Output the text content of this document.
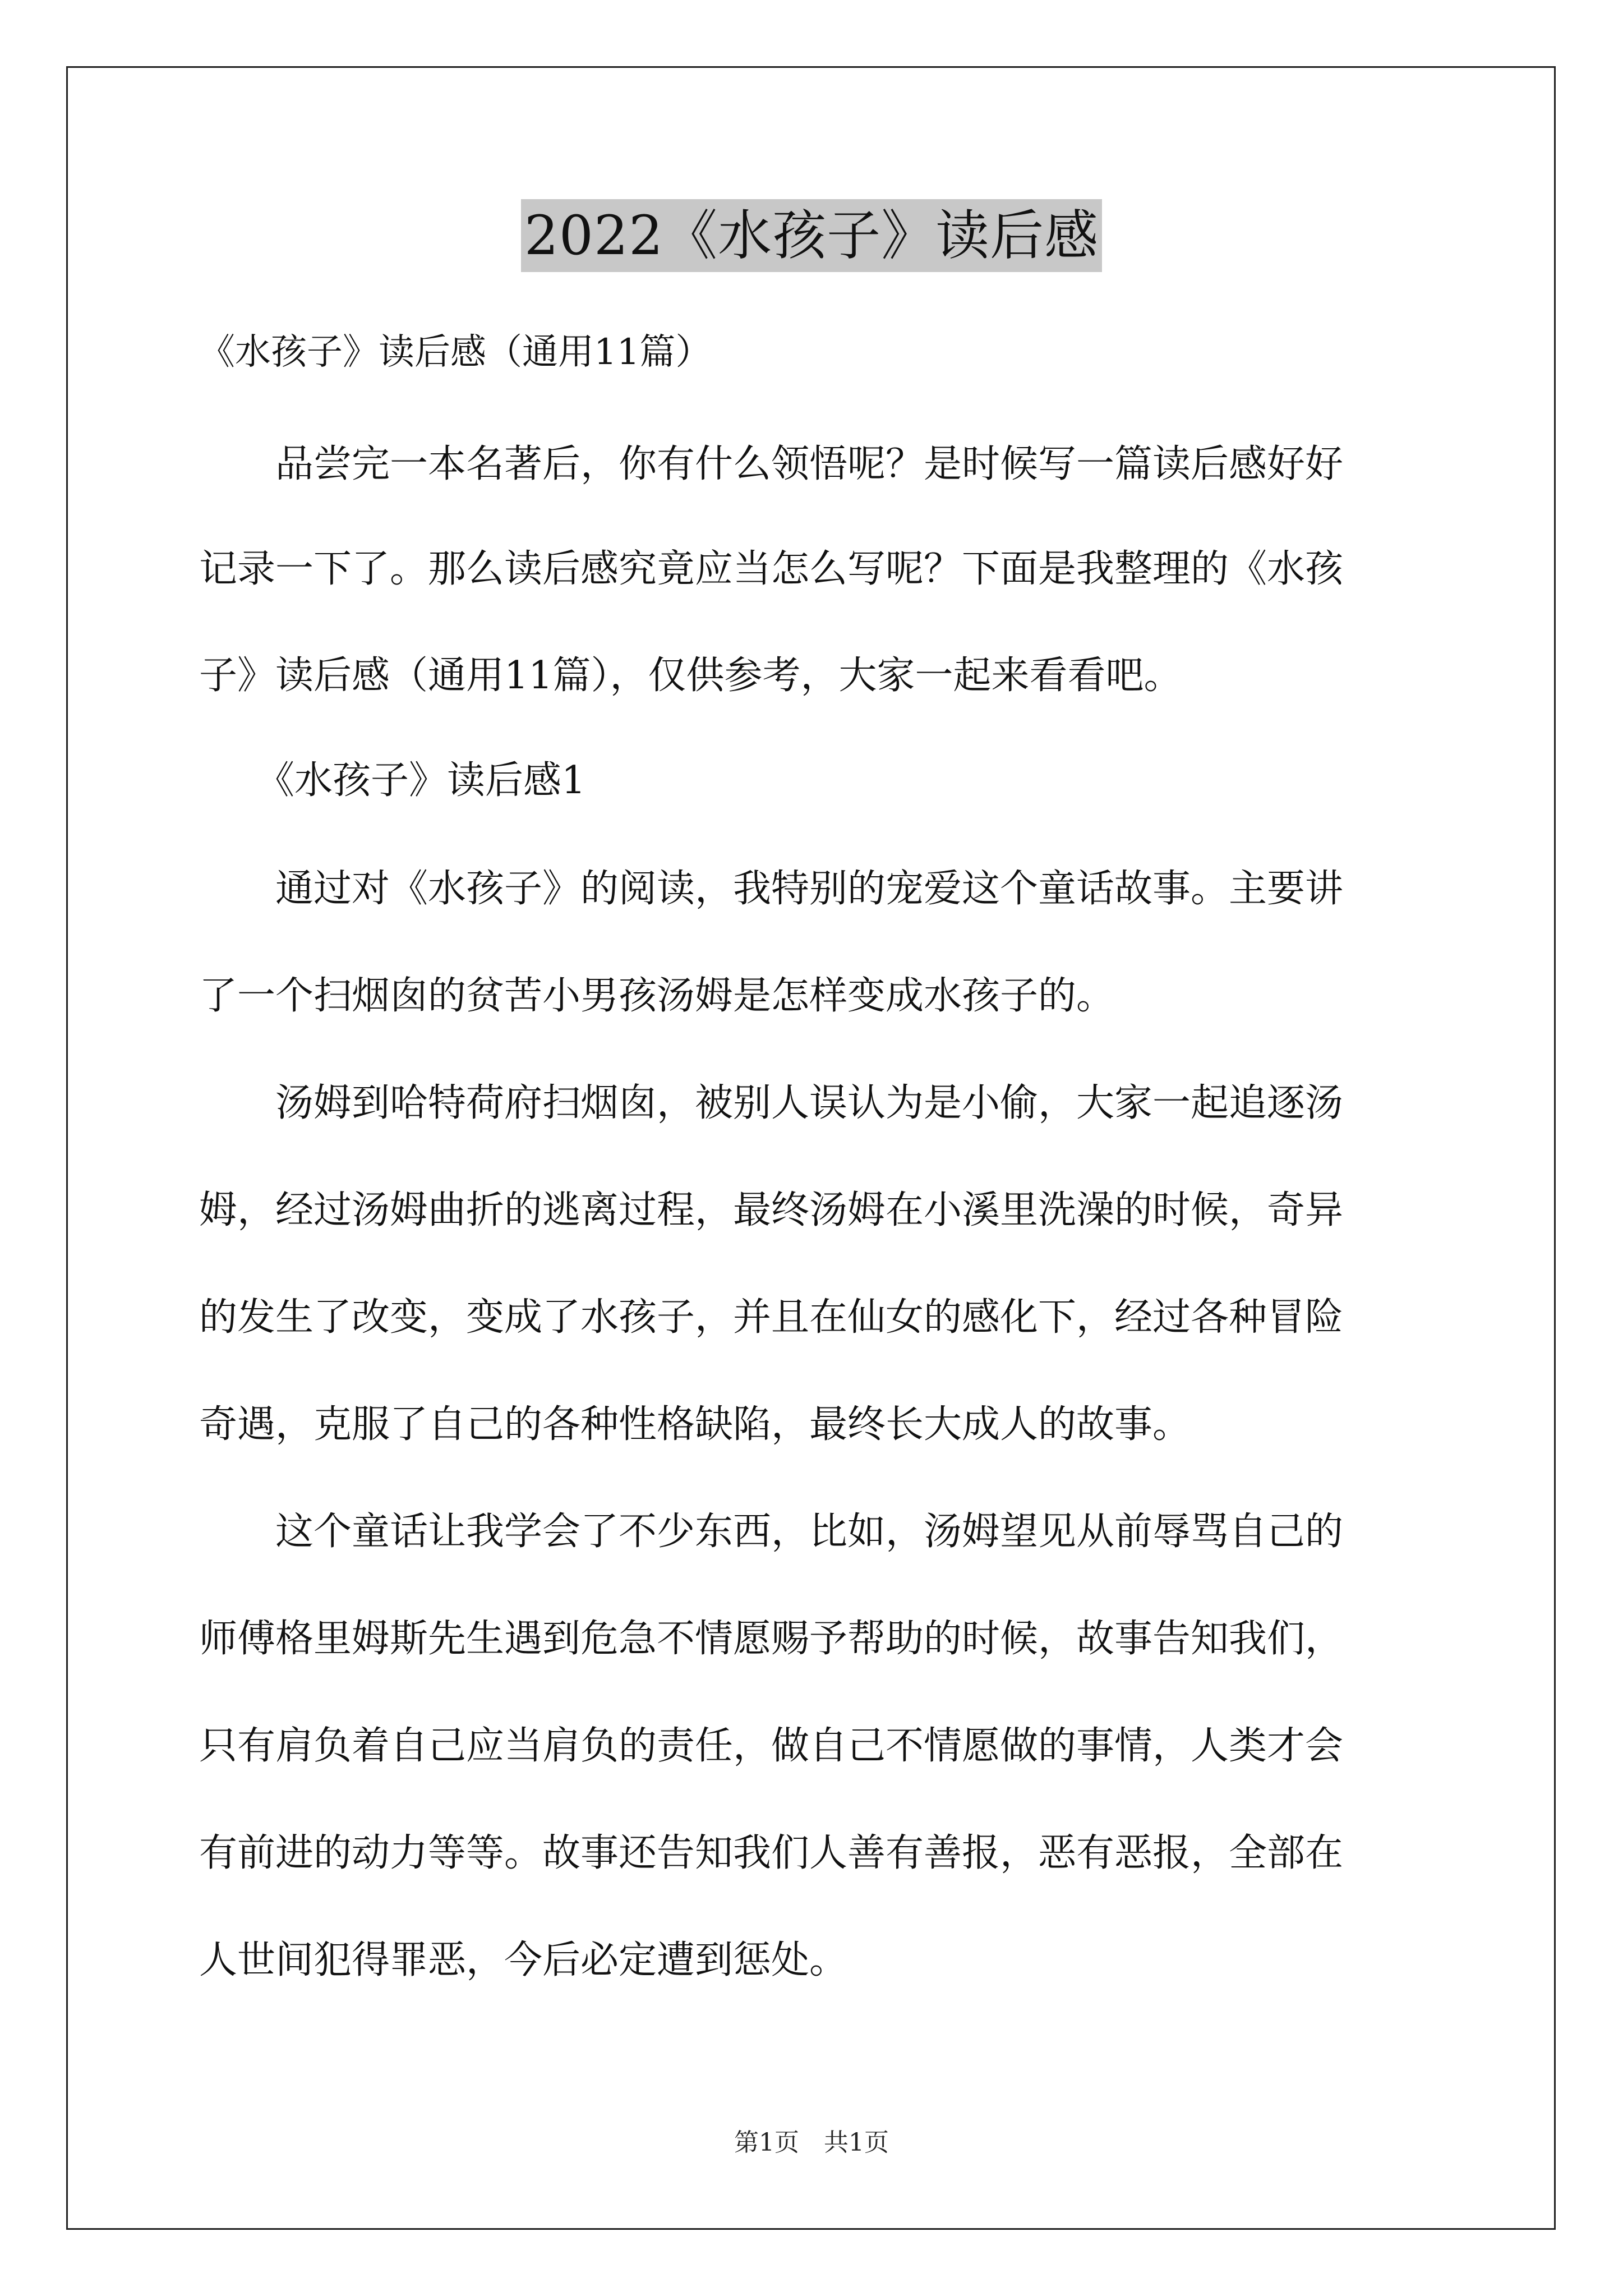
2022《水孩子》读后感
《水孩子》读后感（通用11篇）
　　品尝完一本名著后，你有什么领悟呢？是时候写一篇读后感好好
记录一下了。那么读后感究竟应当怎么写呢？下面是我整理的《水孩
子》读后感（通用11篇），仅供参考，大家一起来看看吧。
　　《水孩子》读后感1
　　通过对《水孩子》的阅读，我特别的宠爱这个童话故事。主要讲
了一个扫烟囱的贫苦小男孩汤姆是怎样变成水孩子的。
　　汤姆到哈特荷府扫烟囱，被别人误认为是小偷，大家一起追逐汤
姆，经过汤姆曲折的逃离过程，最终汤姆在小溪里洗澡的时候，奇异
的发生了改变，变成了水孩子，并且在仙女的感化下，经过各种冒险
奇遇，克服了自己的各种性格缺陷，最终长大成人的故事。
　　这个童话让我学会了不少东西，比如，汤姆望见从前辱骂自己的
师傅格里姆斯先生遇到危急不情愿赐予帮助的时候，故事告知我们，
只有肩负着自己应当肩负的责任，做自己不情愿做的事情，人类才会
有前进的动力等等。故事还告知我们人善有善报，恶有恶报，全部在
人世间犯得罪恶，今后必定遭到惩处。
第1页　共1页
